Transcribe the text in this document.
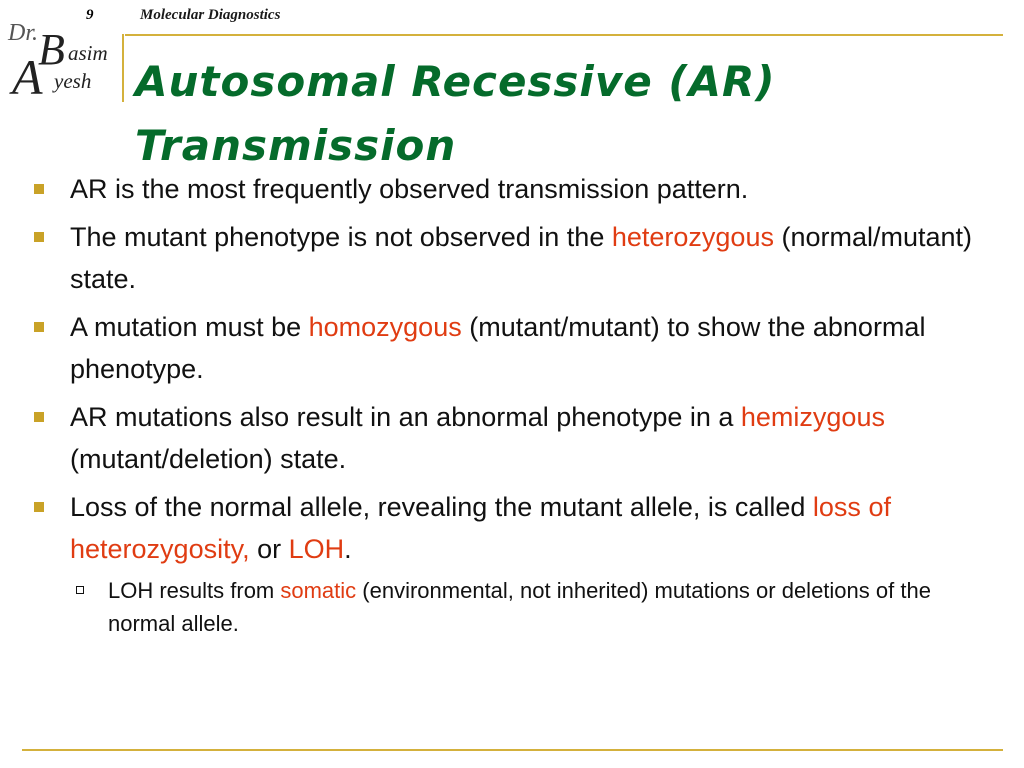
9	Molecular Diagnostics
Dr. B asim
A yesh Autosomal Recessive (AR) Transmission
AR is the most frequently observed transmission pattern.
The mutant phenotype is not observed in the heterozygous (normal/mutant) state.
A mutation must be homozygous (mutant/mutant) to show the abnormal phenotype.
AR mutations also result in an abnormal phenotype in a hemizygous (mutant/deletion) state.
Loss of the normal allele, revealing the mutant allele, is called loss of heterozygosity, or LOH.
LOH results from somatic (environmental, not inherited) mutations or deletions of the normal allele.
